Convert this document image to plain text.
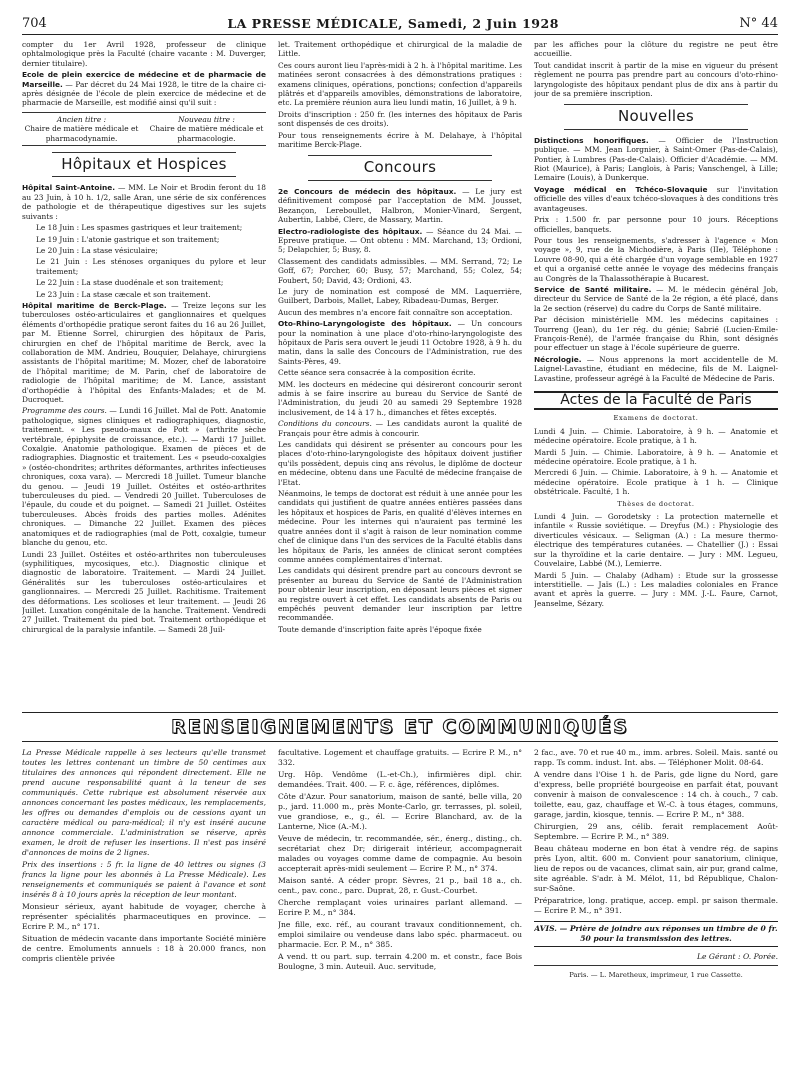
704	LA PRESSE MÉDICALE, Samedi, 2 Juin 1928	N° 44

compter du 1er Avril 1928, professeur de clinique ophtalmologique près la Faculté (chaire vacante : M. Duverger, dernier titulaire).

Ecole de plein exercice de médecine et de pharmacie de Marseille. — Par décret du 24 Mai 1928, le titre de la chaire ci-après désignée de l'école de plein exercice de médecine et de pharmacie de Marseille, est modifié ainsi qu'il suit :

Ancien titre :
Chaire de matière médicale et pharmacodynamie.
Nouveau titre :
Chaire de matière médicale et pharmacologie.
Hôpitaux et Hospices

Hôpital Saint-Antoine. — MM. Le Noir et Brodin feront du 18 au 23 Juin, à 10 h. 1/2, salle Aran, une série de six conférences de pathologie et de thérapeutique digestives sur les sujets suivants :

Le 18 Juin : Les spasmes gastriques et leur traitement;

Le 19 Juin : L'atonie gastrique et son traitement;

Le 20 Juin : La stase vésiculaire;

Le 21 Juin : Les sténoses organiques du pylore et leur traitement;

Le 22 Juin : La stase duodénale et son traitement;

Le 23 Juin : La stase cæcale et son traitement.

Hôpital maritime de Berck-Plage. — Treize leçons sur les tuberculoses ostéo-articulaires et ganglionnaires et quelques éléments d'orthopédie pratique seront faites du 16 au 26 Juillet, par M. Etienne Sorrel, chirurgien des hôpitaux de Paris, chirurgien en chef de l'hôpital maritime de Berck, avec la collaboration de MM. Andrieu, Bouquier, Delahaye, chirurgiens assistants de l'hôpital maritime; M. Mozer, chef de laboratoire de l'hôpital maritime; de M. Parin, chef de laboratoire de radiologie de l'hôpital maritime; de M. Lance, assistant d'orthopédie à l'hôpital des Enfants-Malades; et de M. Ducroquet.

Programme des cours. — Lundi 16 Juillet. Mal de Pott. Anatomie pathologique, signes cliniques et radiographiques, diagnostic, traitement. « Les pseudo-maux de Pott » (arthrite sèche vertébrale, épiphysite de croissance, etc.). — Mardi 17 Juillet. Coxalgie. Anatomie pathologique. Examen de pièces et de radiographies. Diagnostic et traitement. Les « pseudo-coxalgies » (ostéo-chondrites; arthrites déformantes, arthrites infectieuses chroniques, coxa vara). — Mercredi 18 Juillet. Tumeur blanche du genou. — Jeudi 19 Juillet. Ostéites et ostéo-arthrites tuberculeuses du pied. — Vendredi 20 Juillet. Tuberculoses de l'épaule, du coude et du poignet. — Samedi 21 Juillet. Ostéites tuberculeuses. Abcès froids des parties molles. Adénites chroniques. — Dimanche 22 Juillet. Examen des pièces anatomiques et de radiographies (mal de Pott, coxalgie, tumeur blanche du genou, etc.

Lundi 23 Juillet. Ostéites et ostéo-arthrites non tuberculeuses (syphilitiques, mycosiques, etc.). Diagnostic clinique et diagnostic de laboratoire. Traitement. — Mardi 24 Juillet. Généralités sur les tuberculoses ostéo-articulaires et ganglionnaires. — Mercredi 25 Juillet. Rachitisme. Traitement des déformations. Les scolioses et leur traitement. — Jeudi 26 Juillet. Luxation congénitale de la hanche. Traitement. Vendredi 27 Juillet. Traitement du pied bot. Traitement orthopédique et chirurgical de la paralysie infantile. — Samedi 28 Juil-

let. Traitement orthopédique et chirurgical de la maladie de Little.

Ces cours auront lieu l'après-midi à 2 h. à l'hôpital maritime. Les matinées seront consacrées à des démonstrations pratiques : examens cliniques, opérations, ponctions; confection d'appareils plâtrés et d'appareils amovibles, démonstrations de laboratoire, etc. La première réunion aura lieu lundi matin, 16 Juillet, à 9 h.

Droits d'inscription : 250 fr. (les internes des hôpitaux de Paris sont dispensés de ces droits).

Pour tous renseignements écrire à M. Delahaye, à l'hôpital maritime Berck-Plage.

Concours

2e Concours de médecin des hôpitaux. — Le jury est définitivement composé par l'acceptation de MM. Jousset, Bezançon, Lereboullet, Halbron, Monier-Vinard, Sergent, Aubertin, Labbé, Clerc, de Massary, Martin.

Electro-radiologiste des hôpitaux. — Séance du 24 Mai. — Epreuve pratique. — Ont obtenu : MM. Marchand, 13; Ordioni, 5; Delapchier, 5; Busy, 8.

Classement des candidats admissibles. — MM. Serrand, 72; Le Goff, 67; Porcher, 60; Busy, 57; Marchand, 55; Colez, 54; Foubert, 50; David, 43; Ordioni, 43.

Le jury de nomination est composé de MM. Laquerrière, Guilbert, Darbois, Mallet, Labey, Ribadeau-Dumas, Berger.

Aucun des membres n'a encore fait connaître son acceptation.

Oto-Rhino-Laryngologiste des hôpitaux. — Un concours pour la nomination à une place d'oto-rhino-laryngologiste des hôpitaux de Paris sera ouvert le jeudi 11 Octobre 1928, à 9 h. du matin, dans la salle des Concours de l'Administration, rue des Saints-Pères, 49.

Cette séance sera consacrée à la composition écrite.

MM. les docteurs en médecine qui désireront concourir seront admis à se faire inscrire au bureau du Service de Santé de l'Administration, du jeudi 20 au samedi 29 Septembre 1928 inclusivement, de 14 à 17 h., dimanches et fêtes exceptés.

Conditions du concours. — Les candidats auront la qualité de Français pour être admis à concourir.

Les candidats qui désirent se présenter au concours pour les places d'oto-rhino-laryngologiste des hôpitaux doivent justifier qu'ils possèdent, depuis cinq ans révolus, le diplôme de docteur en médecine, obtenu dans une Faculté de médecine française de l'Etat.

Néanmoins, le temps de doctorat est réduit à une année pour les candidats qui justifient de quatre années entières passées dans les hôpitaux et hospices de Paris, en qualité d'élèves internes en médecine. Pour les internes qui n'auraient pas terminé les quatre années dont il s'agit à raison de leur nomination comme chef de clinique dans l'un des services de la Faculté établis dans les hôpitaux de Paris, les années de clinicat seront comptées comme années complémentaires d'internat.

Les candidats qui désirent prendre part au concours devront se présenter au bureau du Service de Santé de l'Administration pour obtenir leur inscription, en déposant leurs pièces et signer au registre ouvert à cet effet. Les candidats absents de Paris ou empêchés peuvent demander leur inscription par lettre recommandée.

Toute demande d'inscription faite après l'époque fixée

par les affiches pour la clôture du registre ne peut être accueillie.

Tout candidat inscrit à partir de la mise en vigueur du présent règlement ne pourra pas prendre part au concours d'oto-rhino-laryngologiste des hôpitaux pendant plus de dix ans à partir du jour de sa première inscription.

Nouvelles

Distinctions honorifiques. — Officier de l'Instruction publique. — MM. Jean Lorgnier, à Saint-Omer (Pas-de-Calais), Pontier, à Lumbres (Pas-de-Calais). Officier d'Académie. — MM. Riot (Maurice), à Paris; Langlois, à Paris; Vanschengel, à Lille; Lemaire (Louis), à Dunkerque.

Voyage médical en Tchéco-Slovaquie sur l'invitation officielle des villes d'eaux tchéco-slovaques à des conditions très avantageuses.

Prix : 1.500 fr. par personne pour 10 jours. Réceptions officielles, banquets.

Pour tous les renseignements, s'adresser à l'agence « Mon voyage », 9, rue de la Michodière, à Paris (IIe), Téléphone : Louvre 08-90, qui a été chargée d'un voyage semblable en 1927 et qui a organisé cette année le voyage des médecins français au Congrès de la Thalassothérapie à Bucarest.

Service de Santé militaire. — M. le médecin général Job, directeur du Service de Santé de la 2e région, a été placé, dans la 2e section (réserve) du cadre du Corps de Santé militaire.

Par décision ministérielle MM. les médecins capitaines : Tourreng (Jean), du 1er rég. du génie; Sabrié (Lucien-Emile-François-René), de l'armée française du Rhin, sont désignés pour effectuer un stage à l'école supérieure de guerre.

Nécrologie. — Nous apprenons la mort accidentelle de M. Laignel-Lavastine, étudiant en médecine, fils de M. Laignel-Lavastine, professeur agrégé à la Faculté de Médecine de Paris.

Actes de la Faculté de Paris
Examens de doctorat.

Lundi 4 Juin. — Chimie. Laboratoire, à 9 h. — Anatomie et médecine opératoire. Ecole pratique, à 1 h.

Mardi 5 Juin. — Chimie. Laboratoire, à 9 h. — Anatomie et médecine opératoire. Ecole pratique, à 1 h.

Mercredi 6 Juin. — Chimie. Laboratoire, à 9 h. — Anatomie et médecine opératoire. Ecole pratique à 1 h. — Clinique obstétricale. Faculté, 1 h.

Thèses de doctorat.

Lundi 4 Juin. — Gorodetsky : La protection maternelle et infantile « Russie soviétique. — Dreyfus (M.) : Physiologie des diverticules vésicaux. — Seligman (A.) : La mesure thermo-électrique des températures cutanées. — Chatellier (J.) : Essai sur la thyroïdine et la carie dentaire. — Jury : MM. Legueu, Couvelaire, Labbé (M.), Lemierre.

Mardi 5 Juin. — Chalaby (Adham) : Etude sur la grossesse interstitielle. — Jaïs (L.) : Les maladies coloniales en France avant et après la guerre. — Jury : MM. J.-L. Faure, Carnot, Jeanselme, Sézary.

RENSEIGNEMENTS ET COMMUNIQUÉS

La Presse Médicale rappelle à ses lecteurs qu'elle transmet toutes les lettres contenant un timbre de 50 centimes aux titulaires des annonces qui répondent directement. Elle ne prend aucune responsabilité quant à la teneur de ses communiqués. Cette rubrique est absolument réservée aux annonces concernant les postes médicaux, les remplacements, les offres ou demandes d'emplois ou de cessions ayant un caractère médical ou para-médical; il n'y est inséré aucune annonce commerciale. L'administration se réserve, après examen, le droit de refuser les insertions. Il n'est pas inséré d'annonces de moins de 2 lignes.

Prix des insertions : 5 fr. la ligne de 40 lettres ou signes (3 francs la ligne pour les abonnés à La Presse Médicale). Les renseignements et communiqués se paient à l'avance et sont insérés 8 à 10 jours après la réception de leur montant.

Monsieur sérieux, ayant habitude de voyager, cherche à représenter spécialités pharmaceutiques en province. — Ecrire P. M., n° 171.

Situation de médecin vacante dans importante Société minière de centre. Emoluments annuels : 18 à 20.000 francs, non compris clientèle privée

facultative. Logement et chauffage gratuits. — Ecrire P. M., n° 332.

Urg. Hôp. Vendôme (L.-et-Ch.), infirmières dipl. chir. demandées. Trait. 400. — F. c. âge, références, diplômes.

Côte d'Azur. Pour sanatorium, maison de santé, belle villa, 20 p., jard. 11.000 m., près Monte-Carlo, gr. terrasses, pl. soleil, vue grandiose, e., g., él. — Ecrire Blanchard, av. de la Lanterne, Nice (A.-M.).

Veuve de médecin, tr. recommandée, sér., énerg., disting., ch. secrétariat chez Dr; dirigerait intérieur, accompagnerait malades ou voyages comme dame de compagnie. Au besoin accepterait après-midi seulement — Ecrire P. M., n° 374.

Maison santé. A céder propr. Sèvres, 21 p., bail 18 a., ch. cent., pav. conc., parc. Duprat, 28, r. Gust.-Courbet.

Cherche remplaçant voies urinaires parlant allemand. — Ecrire P. M., n° 384.

Jne fille, exc. réf., au courant travaux conditionnement, ch. emploi similaire ou vendeuse dans labo spéc. pharmaceut. ou pharmacie. Ecr. P. M., n° 385.

A vend. tt ou part. sup. terrain 4.200 m. et constr., face Bois Boulogne, 3 min. Auteuil. Auc. servitude,

2 fac., ave. 70 et rue 40 m., imm. arbres. Soleil. Mais. santé ou rapp. Ts comm. indust. Int. abs. — Téléphoner Molit. 08-64.

A vendre dans l'Oise 1 h. de Paris, gde ligne du Nord, gare d'express, belle propriété bourgeoise en parfait état, pouvant convenir à maison de convalescence : 14 ch. à couch., 7 cab. toilette, eau, gaz, chauffage et W.-C. à tous étages, communs, garage, jardin, kiosque, tennis. — Ecrire P. M., n° 388.

Chirurgien, 29 ans, célib. ferait remplacement Août-Septembre. — Ecrire P. M., n° 389.

Beau château moderne en bon état à vendre rég. de sapins près Lyon, altit. 600 m. Convient pour sanatorium, clinique, lieu de repos ou de vacances, climat sain, air pur, grand calme, site agréable. S'adr. à M. Mélot, 11, bd République, Chalon-sur-Saône.

Préparatrice, long. pratique, accep. empl. pr saison thermale. — Ecrire P. M., n° 391.

AVIS. — Prière de joindre aux réponses un timbre de 0 fr. 50 pour la transmission des lettres.
Le Gérant : O. Porée.
Paris. — L. Maretheux, imprimeur, 1 rue Cassette.
